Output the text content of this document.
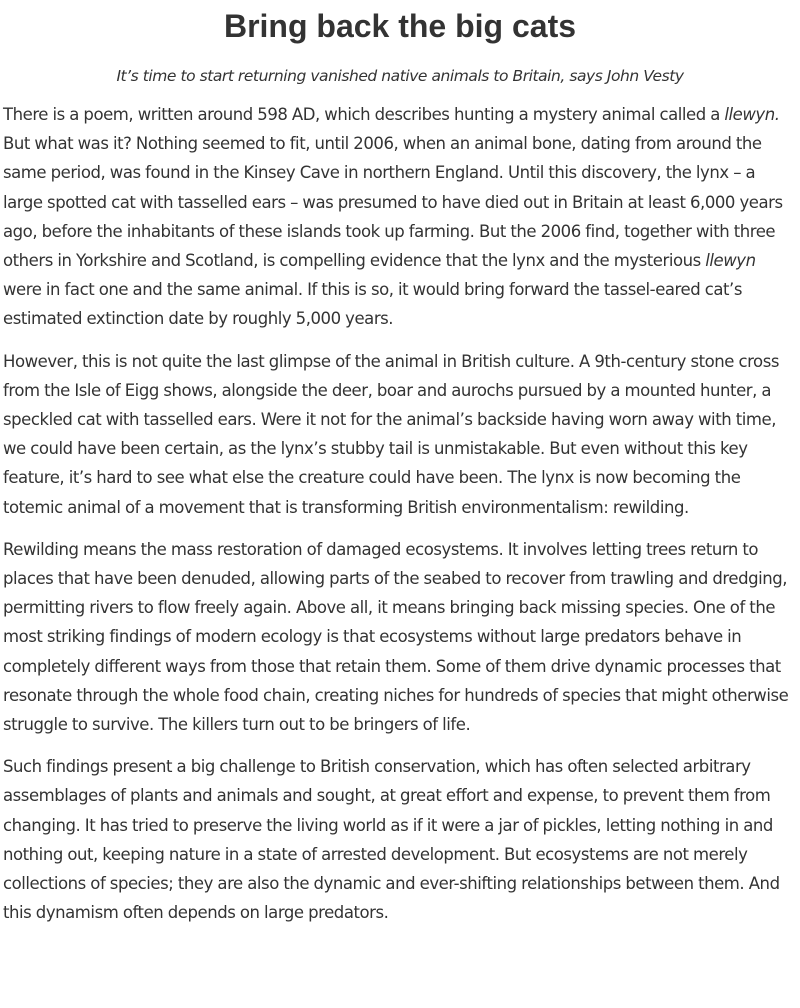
Bring back the big cats
It’s time to start returning vanished native animals to Britain, says John Vesty

There is a poem, written around 598 AD, which describes hunting a mystery animal called a llewyn. But what was it? Nothing seemed to fit, until 2006, when an animal bone, dating from around the same period, was found in the Kinsey Cave in northern England. Until this discovery, the lynx – a large spotted cat with tasselled ears – was presumed to have died out in Britain at least 6,000 years ago, before the inhabitants of these islands took up farming. But the 2006 find, together with three others in Yorkshire and Scotland, is compelling evidence that the lynx and the mysterious llewyn were in fact one and the same animal. If this is so, it would bring forward the tassel-eared cat’s estimated extinction date by roughly 5,000 years.

However, this is not quite the last glimpse of the animal in British culture. A 9th-century stone cross from the Isle of Eigg shows, alongside the deer, boar and aurochs pursued by a mounted hunter, a speckled cat with tasselled ears. Were it not for the animal’s backside having worn away with time, we could have been certain, as the lynx’s stubby tail is unmistakable. But even without this key feature, it’s hard to see what else the creature could have been. The lynx is now becoming the totemic animal of a movement that is transforming British environmentalism: rewilding.

Rewilding means the mass restoration of damaged ecosystems. It involves letting trees return to places that have been denuded, allowing parts of the seabed to recover from trawling and dredging, permitting rivers to flow freely again. Above all, it means bringing back missing species. One of the most striking findings of modern ecology is that ecosystems without large predators behave in completely different ways from those that retain them. Some of them drive dynamic processes that resonate through the whole food chain, creating niches for hundreds of species that might otherwise struggle to survive. The killers turn out to be bringers of life.

Such findings present a big challenge to British conservation, which has often selected arbitrary assemblages of plants and animals and sought, at great effort and expense, to prevent them from changing. It has tried to preserve the living world as if it were a jar of pickles, letting nothing in and nothing out, keeping nature in a state of arrested development. But ecosystems are not merely collections of species; they are also the dynamic and ever-shifting relationships between them. And this dynamism often depends on large predators.
